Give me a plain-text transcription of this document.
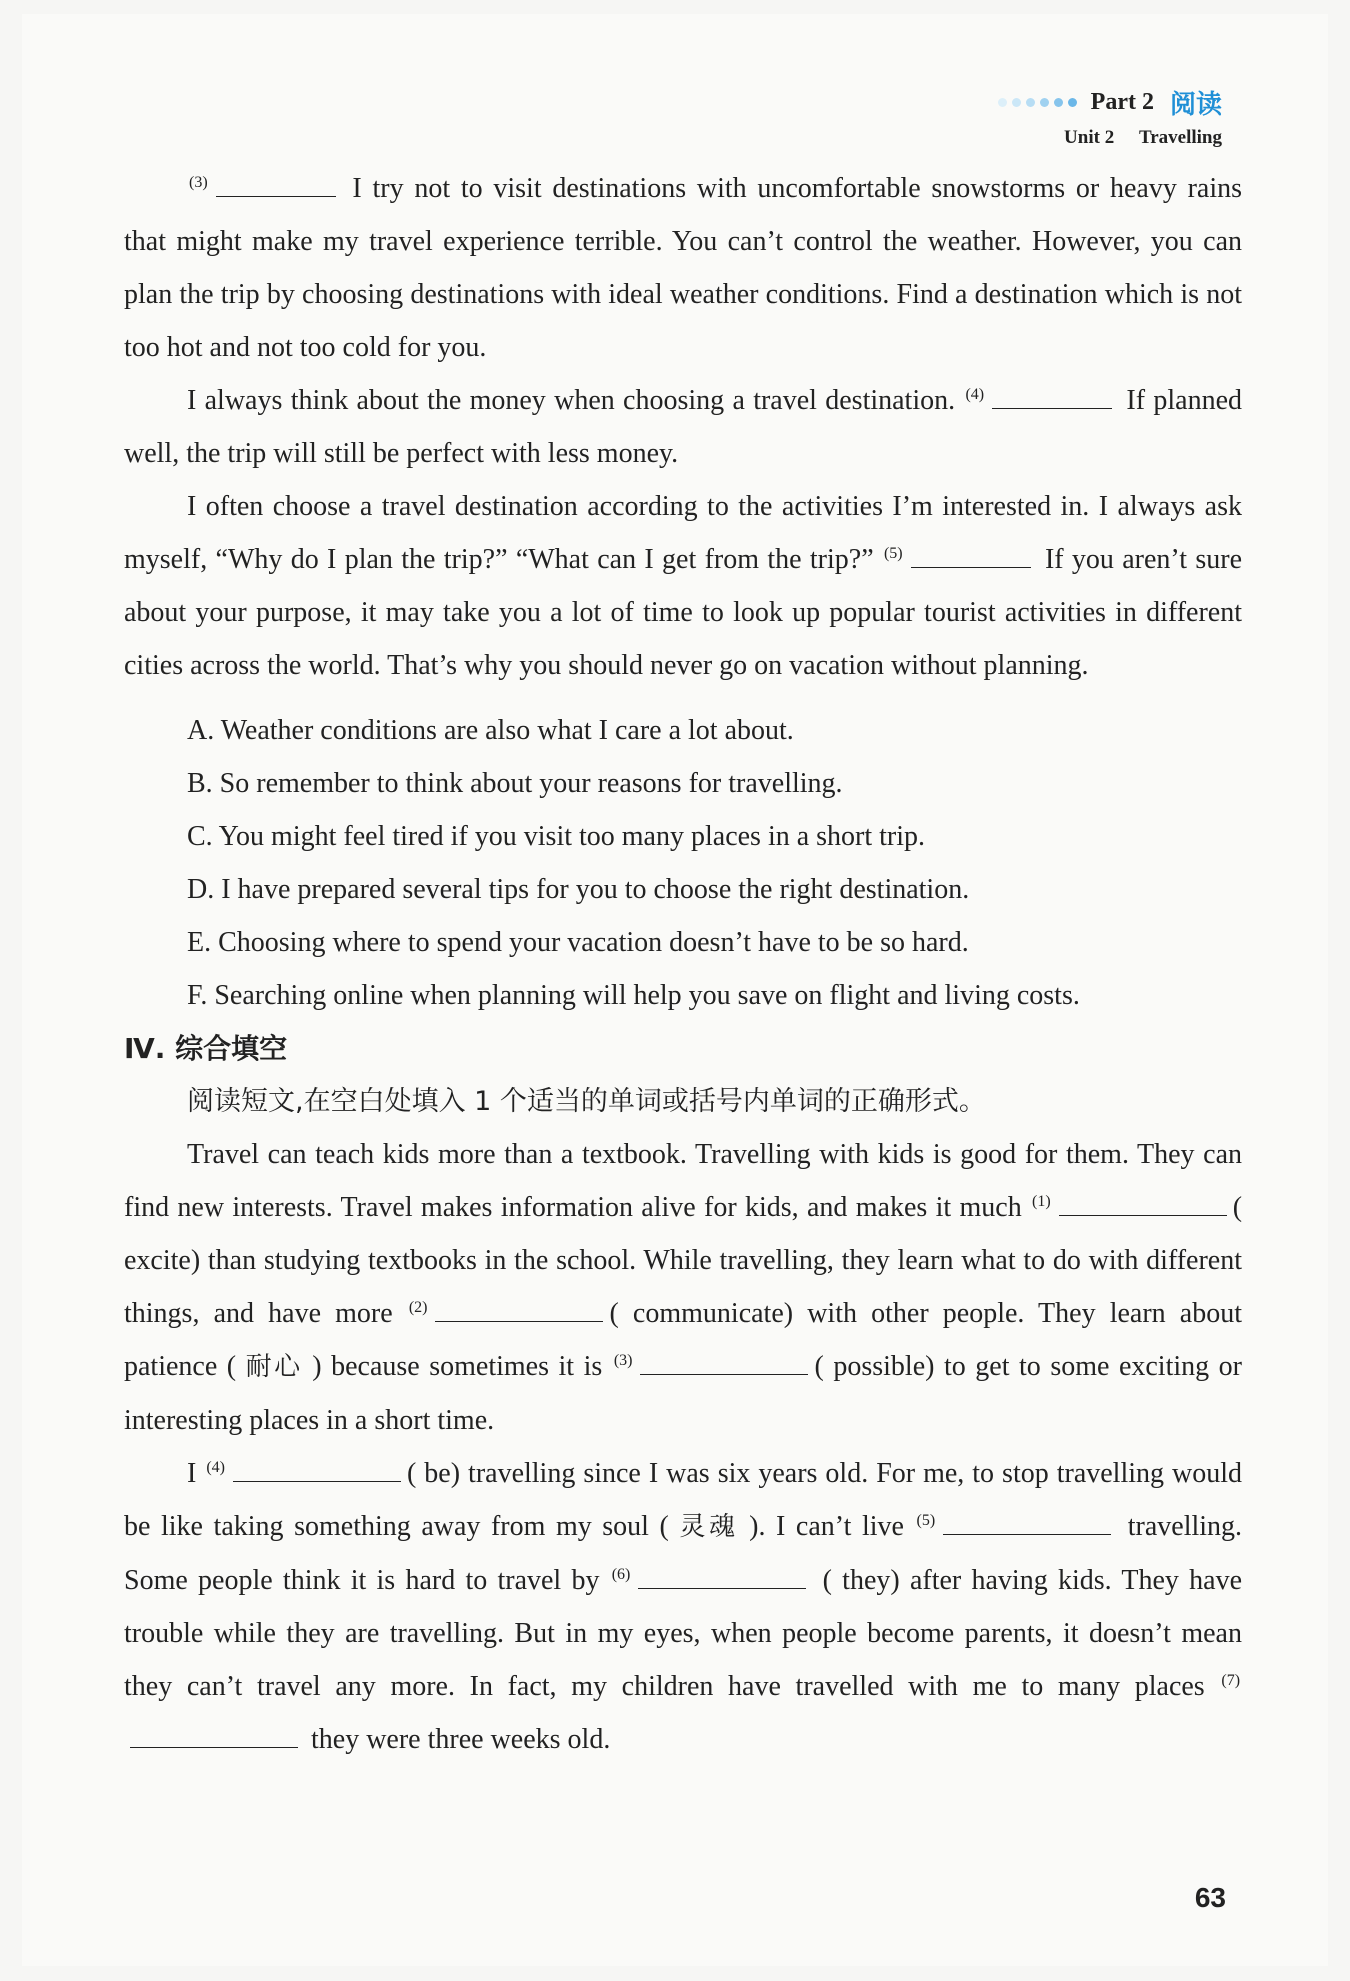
Part 2 阅读
Unit 2 Travelling

$^{(3)}$	I try not to visit destinations with uncomfortable snowstorms or heavy rains that might make my travel experience terrible. You can’t control the weather. However, you can plan the trip by choosing destinations with ideal weather conditions. Find a destination which is not too hot and not too cold for you.

I always think about the money when choosing a travel destination. $^{(4)}$	If planned well, the trip will still be perfect with less money.

I often choose a travel destination according to the activities I’m interested in. I always ask myself, “Why do I plan the trip?” “What can I get from the trip?” $^{(5)}$	If you aren’t sure about your purpose, it may take you a lot of time to look up popular tourist activities in different cities across the world. That’s why you should never go on vacation without planning.

A. Weather conditions are also what I care a lot about.

B. So remember to think about your reasons for travelling.

C. You might feel tired if you visit too many places in a short trip.

D. I have prepared several tips for you to choose the right destination.

E. Choosing where to spend your vacation doesn’t have to be so hard.

F. Searching online when planning will help you save on flight and living costs.

Ⅳ. 综合填空

阅读短文,在空白处填入 1 个适当的单词或括号内单词的正确形式。

Travel can teach kids more than a textbook. Travelling with kids is good for them. They can find new interests. Travel makes information alive for kids, and makes it much $^{(1)}$	( excite) than studying textbooks in the school. While travelling, they learn what to do with different things, and have more $^{(2)}$	( communicate) with other people. They learn about patience ( 耐心 ) because sometimes it is $^{(3)}$	( possible) to get to some exciting or interesting places in a short time.

I $^{(4)}$	( be) travelling since I was six years old. For me, to stop travelling would be like taking something away from my soul ( 灵魂 ). I can’t live $^{(5)}$	travelling. Some people think it is hard to travel by $^{(6)}$	( they) after having kids. They have trouble while they are travelling. But in my eyes, when people become parents, it doesn’t mean they can’t travel any more. In fact, my children have travelled with me to many places $^{(7)}$ they were three weeks old.

63
